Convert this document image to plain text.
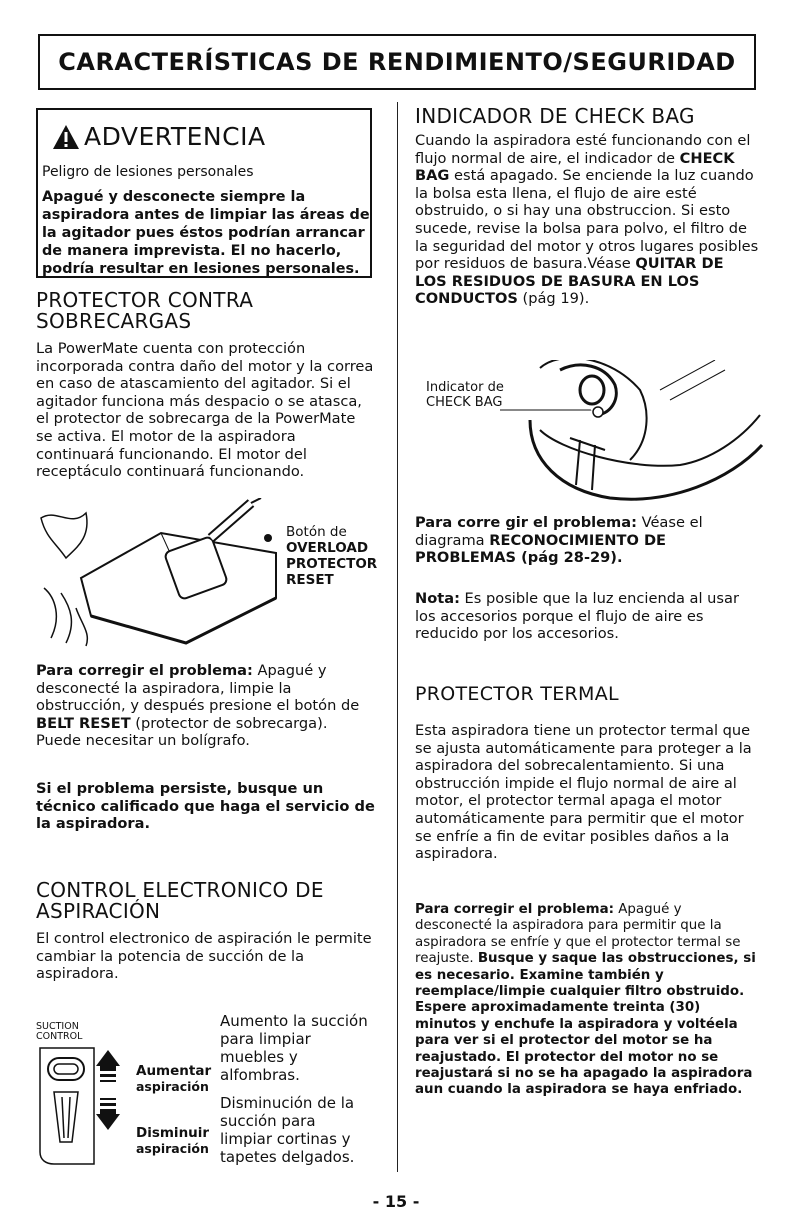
CARACTERÍSTICAS DE RENDIMIENTO/SEGURIDAD
ADVERTENCIA
Peligro de lesiones personales
Apagué y desconecte siempre la aspiradora antes de limpiar las áreas de la agitador pues éstos podrían arrancar de manera imprevista. El no hacerlo, podría resultar en lesiones personales.
PROTECTOR CONTRA SOBRECARGAS

La PowerMate cuenta con protección incorporada contra daño del motor y la correa en caso de atascamiento del agitador. Si el agitador funciona más despacio o se atasca, el protector de sobrecarga de la PowerMate se activa. El motor de la aspiradora continuará funcionando. El motor del receptáculo continuará funcionando.

Botón de
OVERLOAD
PROTECTOR
RESET

Para corregir el problema: Apagué y desconecté la aspiradora, limpie la obstrucción, y después presione el botón de BELT RESET (protector de sobrecarga). Puede necesitar un bolígrafo.

Si el problema persiste, busque un técnico calificado que haga el servicio de la aspiradora.

CONTROL ELECTRONICO DE ASPIRACIÓN

El control electronico de aspiración le permite cambiar la potencia de succión de la aspiradora.

SUCTION
CONTROL
Aumentar
aspiración
Disminuir
aspiración

Aumento la succión para limpiar muebles y alfombras.

Disminución de la succión para limpiar cortinas y tapetes delgados.

INDICADOR DE CHECK BAG

Cuando la aspiradora esté funcionando con el flujo normal de aire, el indicador de CHECK BAG está apagado. Se enciende la luz cuando la bolsa esta llena, el flujo de aire esté obstruido, o si hay una obstruccion. Si esto sucede, revise la bolsa para polvo, el filtro de la seguridad del motor y otros lugares posibles por residuos de basura.Véase QUITAR DE LOS RESIDUOS DE BASURA EN LOS CONDUCTOS (pág 19).

Indicator de
CHECK BAG

Para corre gir el problema: Véase el diagrama RECONOCIMIENTO DE PROBLEMAS (pág 28-29).

Nota: Es posible que la luz encienda al usar los accesorios porque el flujo de aire es reducido por los accesorios.

PROTECTOR TERMAL

Esta aspiradora tiene un protector termal que se ajusta automáticamente para proteger a la aspiradora del sobrecalentamiento. Si una obstrucción impide el flujo normal de aire al motor, el protector termal apaga el motor automáticamente para permitir que el motor se enfríe a fin de evitar posibles daños a la aspiradora.

Para corregir el problema: Apagué y desconecté la aspiradora para permitir que la aspiradora se enfríe y que el protector termal se reajuste. Busque y saque las obstrucciones, si es necesario. Examine también y reemplace/limpie cualquier filtro obstruido. Espere aproximadamente treinta (30) minutos y enchufe la aspiradora y voltéela para ver si el protector del motor se ha reajustado. El protector del motor no se reajustará si no se ha apagado la aspiradora aun cuando la aspiradora se haya enfriado.

- 15 -
